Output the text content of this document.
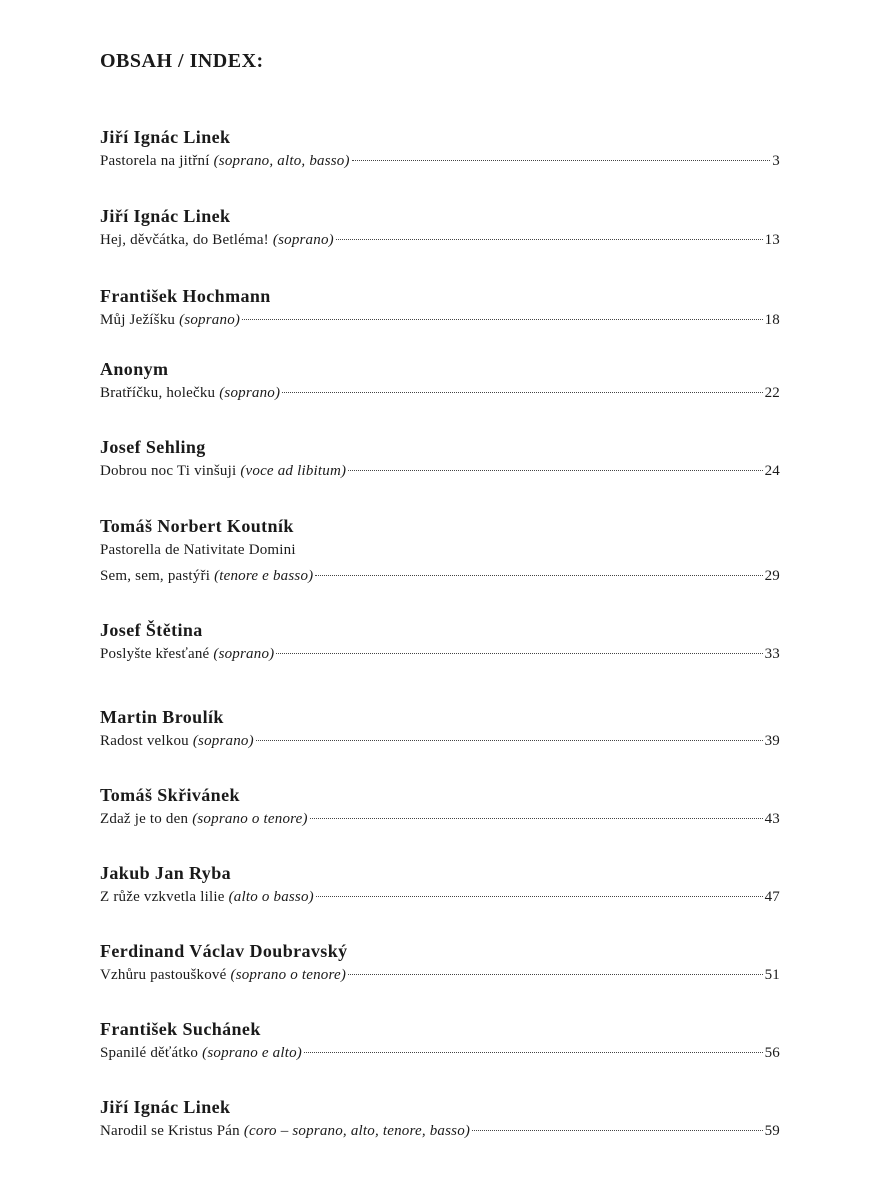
OBSAH / INDEX:
Jiří Ignác Linek
Pastorela na jitřní (soprano, alto, basso)	3
Jiří Ignác Linek
Hej, děvčátka, do Betléma! (soprano)	13
František Hochmann
Můj Ježíšku (soprano)	18
Anonym
Bratříčku, holečku (soprano)	22
Josef Sehling
Dobrou noc Ti vinšuji (voce ad libitum)	24
Tomáš Norbert Koutník
Pastorella de Nativitate Domini
Sem, sem, pastýři (tenore e basso)	29
Josef Štětina
Poslyšte křesťané (soprano)	33
Martin Broulík
Radost velkou (soprano)	39
Tomáš Skřivánek
Zdaž je to den (soprano o tenore)	43
Jakub Jan Ryba
Z růže vzkvetla lilie (alto o basso)	47
Ferdinand Václav Doubravský
Vzhůru pastouškové (soprano o tenore)	51
František Suchánek
Spanilé děťátko (soprano e alto)	56
Jiří Ignác Linek
Narodil se Kristus Pán (coro – soprano, alto, tenore, basso)	59
